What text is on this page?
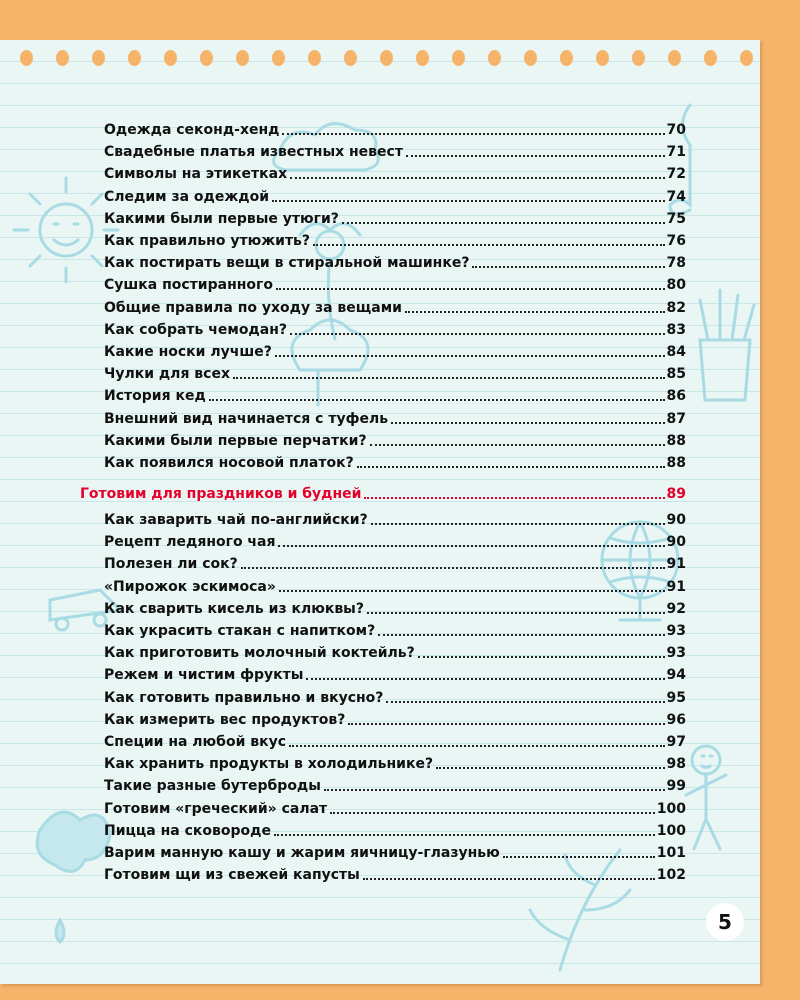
Одежда секонд-хенд	70
Свадебные платья известных невест	71
Символы на этикетках	72
Следим за одеждой	74
Какими были первые утюги?	75
Как правильно утюжить?	76
Как постирать вещи в стиральной машинке?	78
Сушка постиранного	80
Общие правила по уходу за вещами	82
Как собрать чемодан?	83
Какие носки лучше?	84
Чулки для всех	85
История кед	86
Внешний вид начинается с туфель	87
Какими были первые перчатки?	88
Как появился носовой платок?	88
Готовим для праздников и будней	89
Как заварить чай по-английски?	90
Рецепт ледяного чая	90
Полезен ли сок?	91
«Пирожок эскимоса»	91
Как сварить кисель из клюквы?	92
Как украсить стакан с напитком?	93
Как приготовить молочный коктейль?	93
Режем и чистим фрукты	94
Как готовить правильно и вкусно?	95
Как измерить вес продуктов?	96
Специи на любой вкус	97
Как хранить продукты в холодильнике?	98
Такие разные бутерброды	99
Готовим «греческий» салат	100
Пицца на сковороде	100
Варим манную кашу и жарим яичницу-глазунью	101
Готовим щи из свежей капусты	102
5
